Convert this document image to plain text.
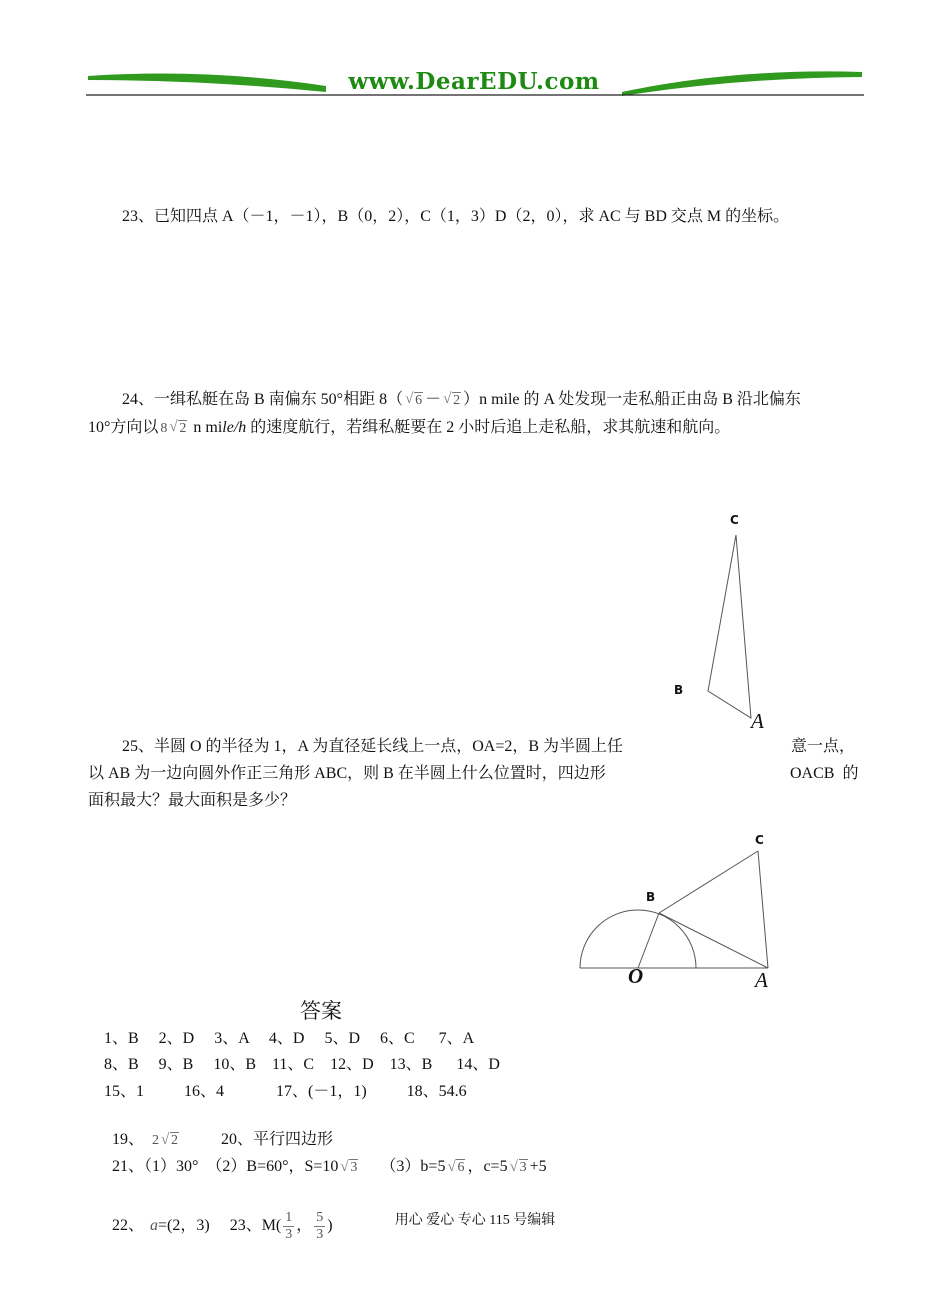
www.DearEDU.com
23、已知四点 A（－1，－1），B（0，2），C（1，3）D（2，0），求 AC 与 BD 交点 M 的坐标。
24、一缉私艇在岛 B 南偏东 50°相距 8（ √ 6 － √ 2 ）n mile 的 A 处发现一走私船正由岛 B 沿北偏东
10°方向以 8 √ 2 n mile/h 的速度航行，若缉私艇要在 2 小时后追上走私船，求其航速和航向。
C
B
A
25、半圆 O 的半径为 1，A 为直径延长线上一点，OA=2，B 为半圆上任	意一点，
以 AB 为一边向圆外作正三角形 ABC，则 B 在半圆上什么位置时，四边形	OACB  的
面积最大？最大面积是多少？
C
B
O	A
答案
1、B     2、D     3、A     4、D     5、D     6、C      7、A
8、B     9、B     10、B    11、C    12、D    13、B      14、D
15、1          16、4             17、(－1，1)          18、54.6

19、 2 √ 2          20、平行四边形

21、（1）30°  （2）B=60°，S=10 √ 3     （3）b=5 √ 6 ，c=5 √ 3 +5

22、 a=(2，3)     23、$M( \frac{1}{3}$ ， $\frac{5}{3}$ )	用心 爱心 专心 115 号编辑
